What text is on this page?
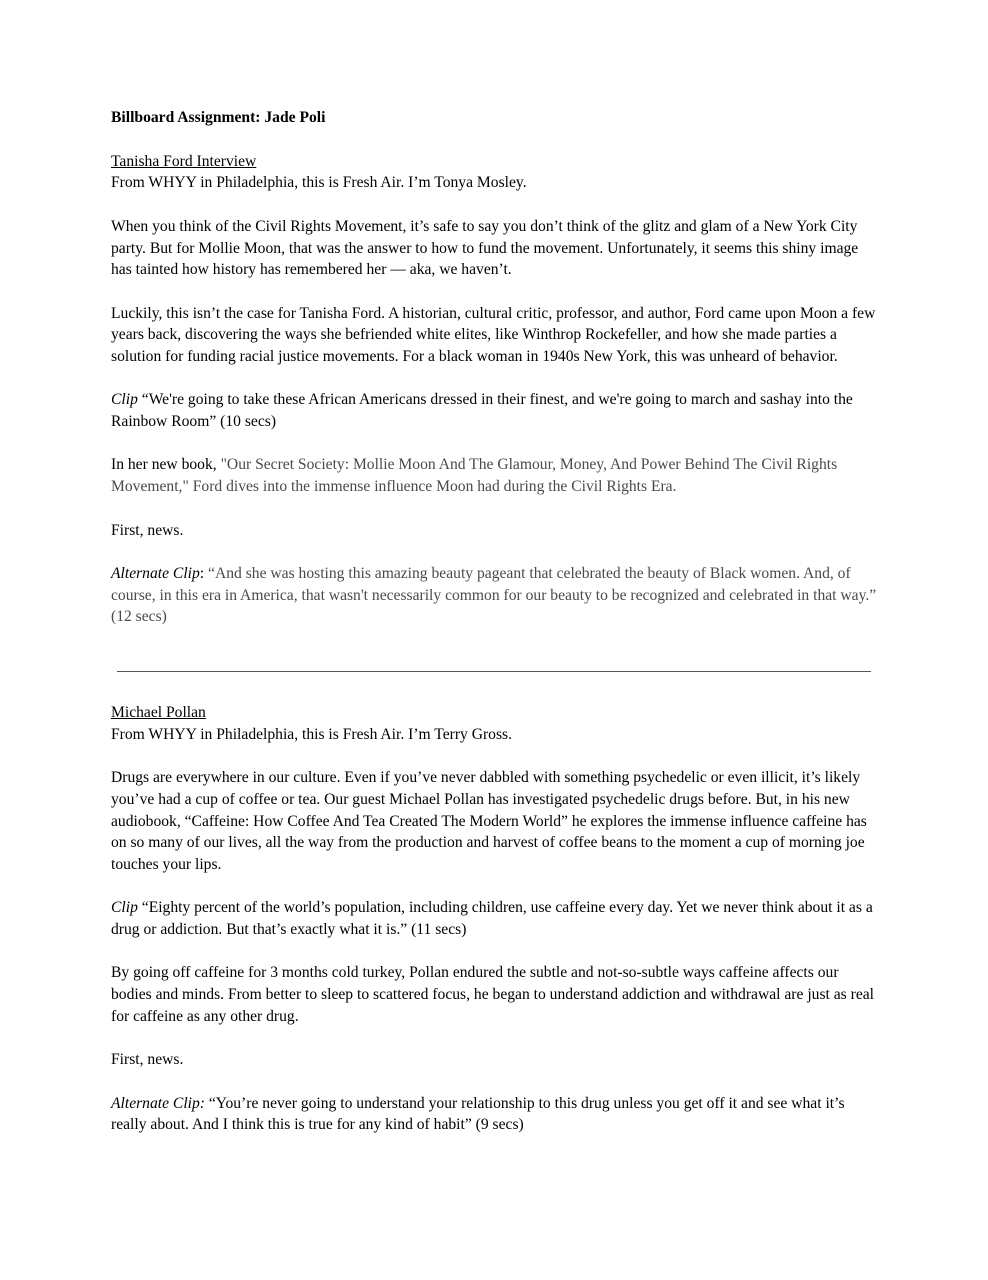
Billboard Assignment: Jade Poli

Tanisha Ford Interview

From WHYY in Philadelphia, this is Fresh Air. I’m Tonya Mosley.

When you think of the Civil Rights Movement, it’s safe to say you don’t think of the glitz and glam of a New York City party. But for Mollie Moon, that was the answer to how to fund the movement. Unfortunately, it seems this shiny image has tainted how history has remembered her — aka, we haven’t.

Luckily, this isn’t the case for Tanisha Ford. A historian, cultural critic, professor, and author, Ford came upon Moon a few years back, discovering the ways she befriended white elites, like Winthrop Rockefeller, and how she made parties a solution for funding racial justice movements. For a black woman in 1940s New York, this was unheard of behavior.

Clip “We're going to take these African Americans dressed in their finest, and we're going to march and sashay into the Rainbow Room” (10 secs)

In her new book, "Our Secret Society: Mollie Moon And The Glamour, Money, And Power Behind The Civil Rights Movement," Ford dives into the immense influence Moon had during the Civil Rights Era.

First, news.

Alternate Clip: “And she was hosting this amazing beauty pageant that celebrated the beauty of Black women. And, of course, in this era in America, that wasn't necessarily common for our beauty to be recognized and celebrated in that way.” (12 secs)

Michael Pollan

From WHYY in Philadelphia, this is Fresh Air. I’m Terry Gross.

Drugs are everywhere in our culture. Even if you’ve never dabbled with something psychedelic or even illicit, it’s likely you’ve had a cup of coffee or tea. Our guest Michael Pollan has investigated psychedelic drugs before. But, in his new audiobook, “Caffeine: How Coffee And Tea Created The Modern World” he explores the immense influence caffeine has on so many of our lives, all the way from the production and harvest of coffee beans to the moment a cup of morning joe touches your lips.

Clip “Eighty percent of the world’s population, including children, use caffeine every day. Yet we never think about it as a drug or addiction. But that’s exactly what it is.” (11 secs)

By going off caffeine for 3 months cold turkey, Pollan endured the subtle and not-so-subtle ways caffeine affects our bodies and minds. From better to sleep to scattered focus, he began to understand addiction and withdrawal are just as real for caffeine as any other drug.

First, news.

Alternate Clip: “You’re never going to understand your relationship to this drug unless you get off it and see what it’s really about. And I think this is true for any kind of habit” (9 secs)
